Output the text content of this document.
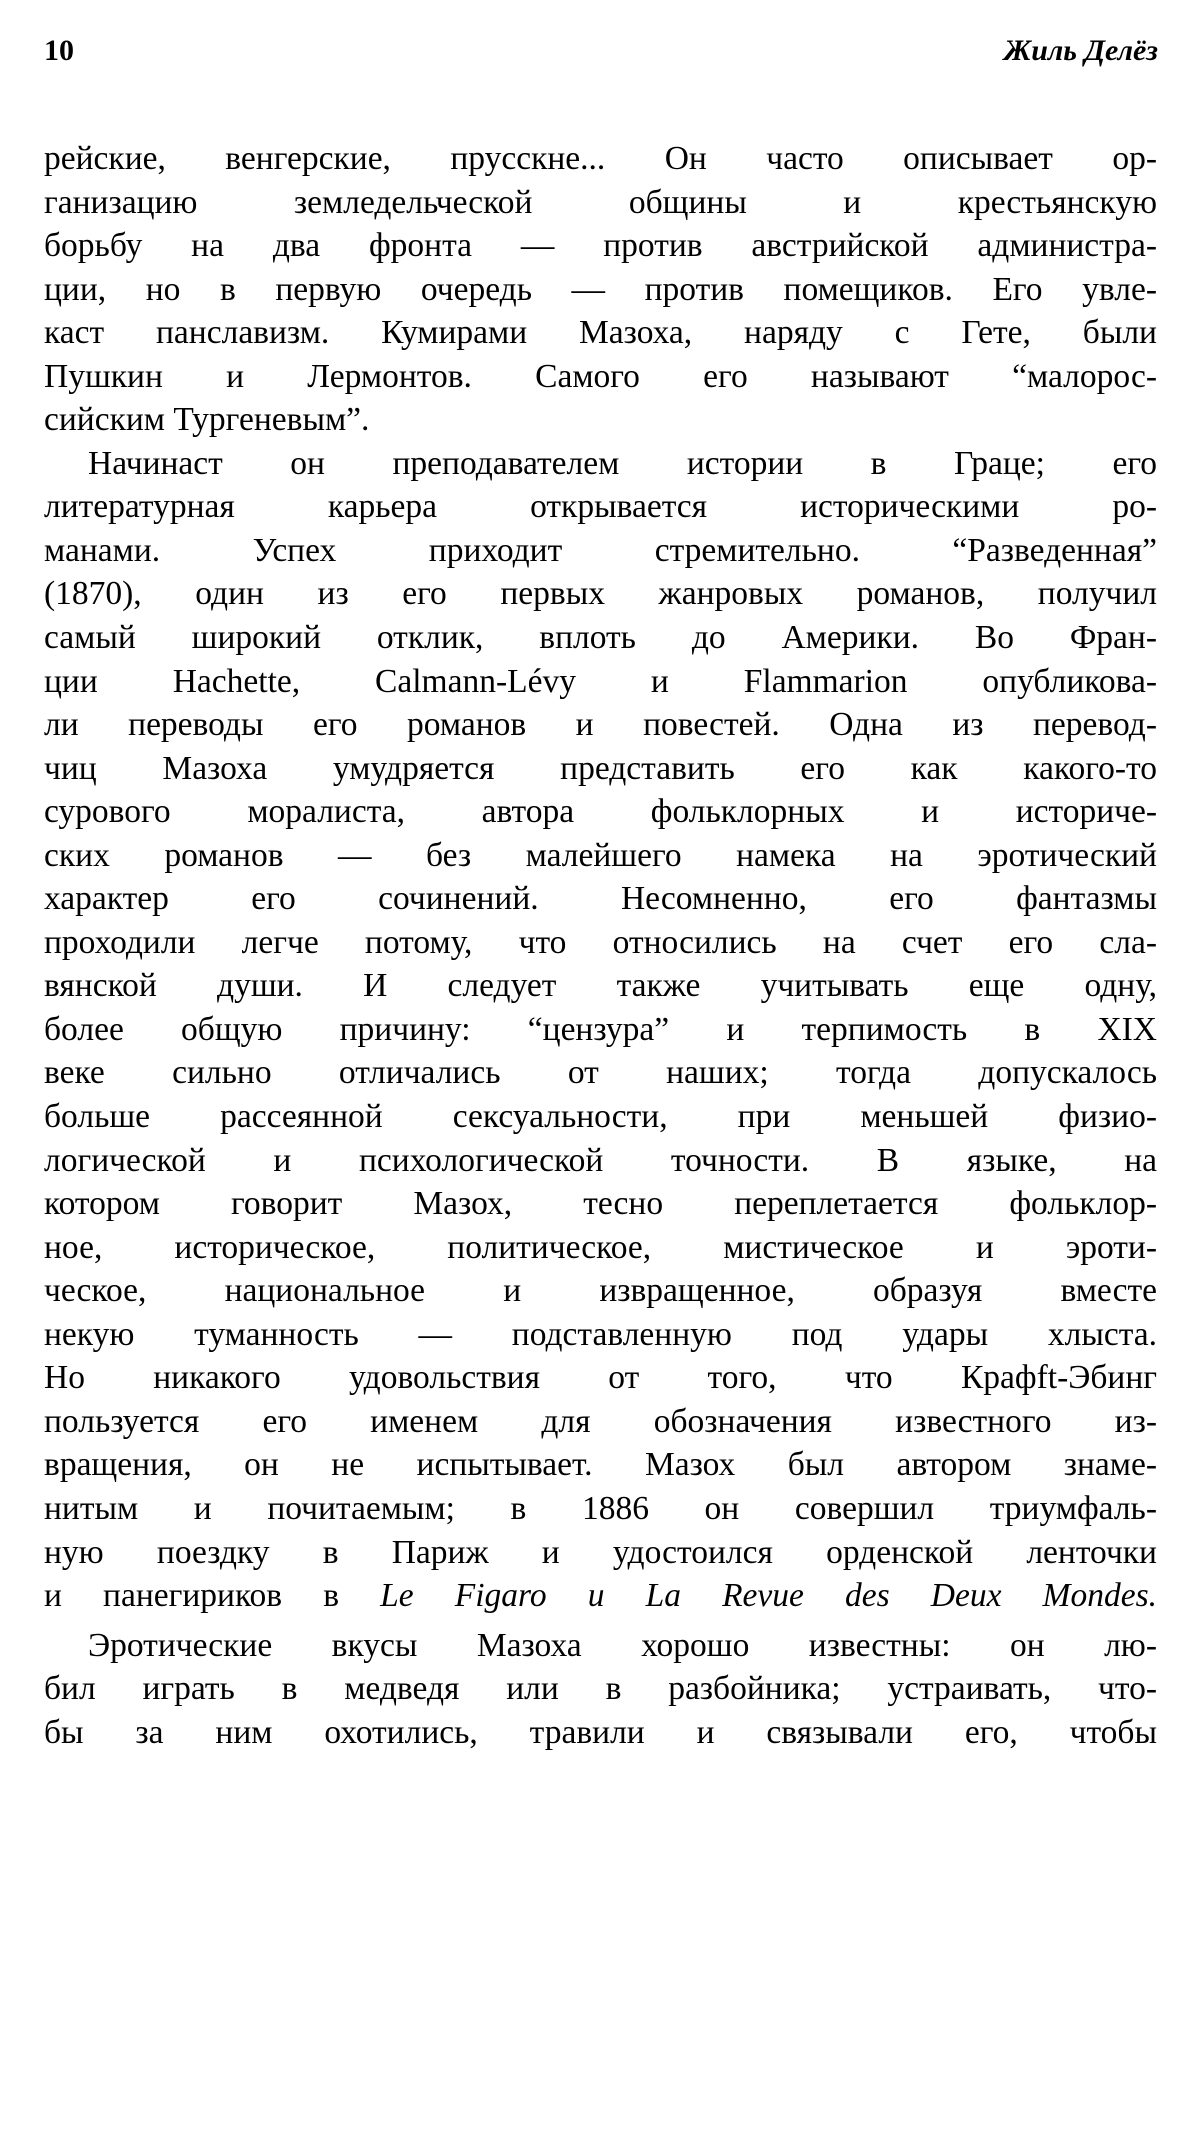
10	Жиль Делёз
рейские, венгерские, прусскне... Он часто описывает ор-
ганизацию земледельческой общины и крестьянскую
борьбу на два фронта — против австрийской администра-
ции, но в первую очередь — против помещиков. Его увле-
каст панславизм. Кумирами Мазоха, наряду с Гете, были
Пушкин и Лермонтов. Самого его называют “малорос-
сийским Тургеневым”.
Начинаст он преподавателем истории в Граце; его
литературная карьера открывается историческими ро-
манами. Успех приходит стремительно. “Разведенная”
(1870), один из его первых жанровых романов, получил
самый широкий отклик, вплоть до Америки. Во Фран-
ции Hachette, Calmann-Lévy и Flammarion опубликова-
ли переводы его романов и повестей. Одна из перевод-
чиц Мазоха умудряется представить его как какого-то
сурового моралиста, автора фольклорных и историче-
ских романов — без малейшего намека на эротический
характер его сочинений. Несомненно, его фантазмы
проходили легче потому, что относились на счет его сла-
вянской души. И следует также учитывать еще одну,
более общую причину: “цензура” и терпимость в XIX
веке сильно отличались от наших; тогда допускалось
больше рассеянной сексуальности, при меньшей физио-
логической и психологической точности. В языке, на
котором говорит Мазох, тесно переплетается фольклор-
ное, историческое, политическое, мистическое и эроти-
ческое, национальное и извращенное, образуя вместе
некую туманность — подставленную под удары хлыста.
Но никакого удовольствия от того, что Крафft-Эбинг
пользуется его именем для обозначения известного из-
вращения, он не испытывает. Мазох был автором знаме-
нитым и почитаемым; в 1886 он совершил триумфаль-
ную поездку в Париж и удостоился орденской ленточки
и панегириков в Le Figaro и La Revue des Deux Mondes.
Эротические вкусы Мазоха хорошо известны: он лю-
бил играть в медведя или в разбойника; устраивать, что-
бы за ним охотились, травили и связывали его, чтобы
